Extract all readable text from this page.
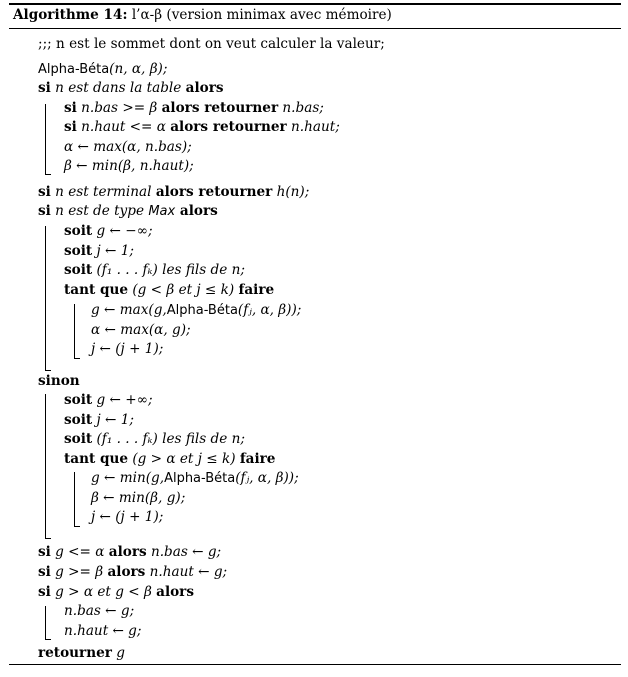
Algorithme 14: l’α-β (version minimax avec mémoire)
;;; n est le sommet dont on veut calculer la valeur;
Alpha-Béta(n, α, β);
si n est dans la table alors
si n.bas >= β alors retourner n.bas;
si n.haut <= α alors retourner n.haut;
α ← max(α, n.bas);
β ← min(β, n.haut);
si n est terminal alors retourner h(n);
si n est de type Max alors
soit g ← −∞;
soit j ← 1;
soit (f₁ . . . fₖ) les fils de n;
tant que (g < β et j ≤ k) faire
g ← max(g,Alpha-Béta(fⱼ, α, β));
α ← max(α, g);
j ← (j + 1);
sinon
soit g ← +∞;
soit j ← 1;
soit (f₁ . . . fₖ) les fils de n;
tant que (g > α et j ≤ k) faire
g ← min(g,Alpha-Béta(fⱼ, α, β));
β ← min(β, g);
j ← (j + 1);
si g <= α alors n.bas ← g;
si g >= β alors n.haut ← g;
si g > α et g < β alors
n.bas ← g;
n.haut ← g;
retourner g
